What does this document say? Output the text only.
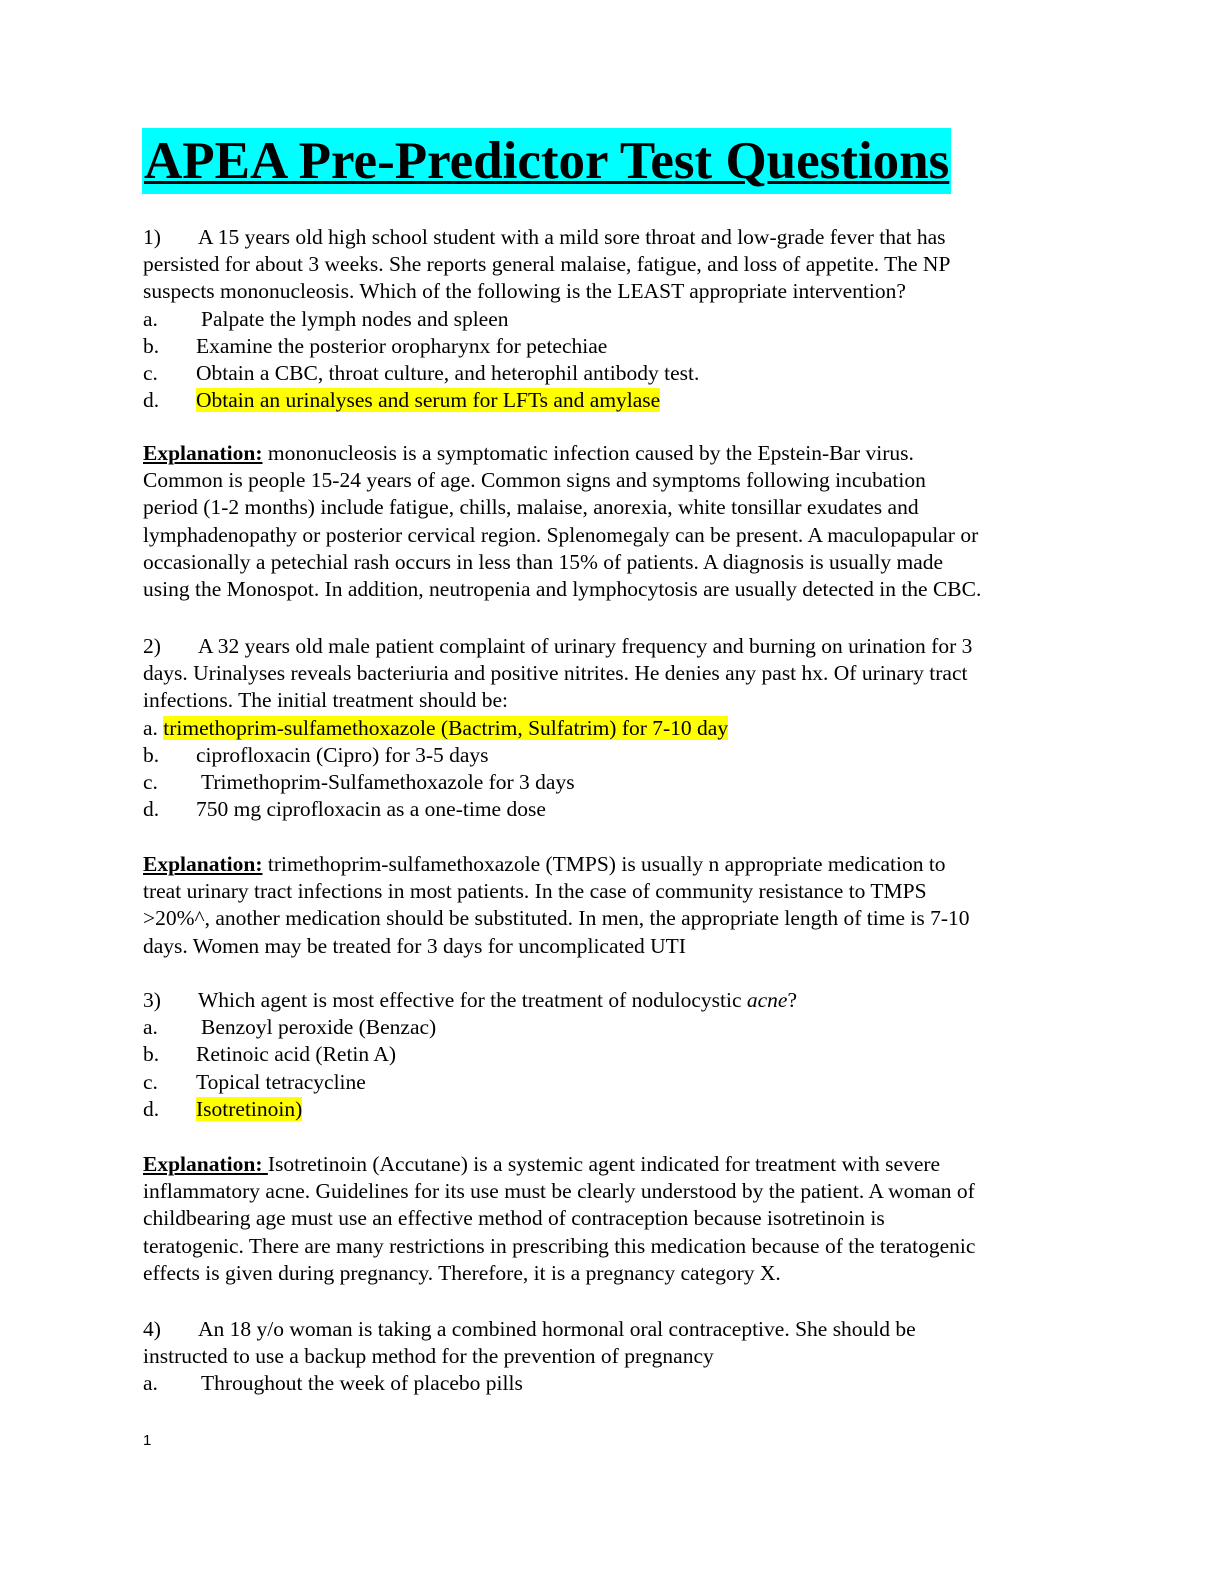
APEA Pre-Predictor Test Questions
1) A 15 years old high school student with a mild sore throat and low-grade fever that has
persisted for about 3 weeks. She reports general malaise, fatigue, and loss of appetite. The NP
suspects mononucleosis. Which of the following is the LEAST appropriate intervention?
a. Palpate the lymph nodes and spleen
b. Examine the posterior oropharynx for petechiae
c. Obtain a CBC, throat culture, and heterophil antibody test.
d. Obtain an urinalyses and serum for LFTs and amylase
Explanation: mononucleosis is a symptomatic infection caused by the Epstein-Bar virus.
Common is people 15-24 years of age. Common signs and symptoms following incubation
period (1-2 months) include fatigue, chills, malaise, anorexia, white tonsillar exudates and
lymphadenopathy or posterior cervical region. Splenomegaly can be present. A maculopapular or
occasionally a petechial rash occurs in less than 15% of patients. A diagnosis is usually made
using the Monospot. In addition, neutropenia and lymphocytosis are usually detected in the CBC.
2) A 32 years old male patient complaint of urinary frequency and burning on urination for 3
days. Urinalyses reveals bacteriuria and positive nitrites. He denies any past hx. Of urinary tract
infections. The initial treatment should be:
a. trimethoprim-sulfamethoxazole (Bactrim, Sulfatrim) for 7-10 day
b. ciprofloxacin (Cipro) for 3-5 days
c. Trimethoprim-Sulfamethoxazole for 3 days
d. 750 mg ciprofloxacin as a one-time dose
Explanation: trimethoprim-sulfamethoxazole (TMPS) is usually n appropriate medication to
treat urinary tract infections in most patients. In the case of community resistance to TMPS
>20%^, another medication should be substituted. In men, the appropriate length of time is 7-10
days. Women may be treated for 3 days for uncomplicated UTI
3) Which agent is most effective for the treatment of nodulocystic acne?
a. Benzoyl peroxide (Benzac)
b. Retinoic acid (Retin A)
c. Topical tetracycline
d. Isotretinoin)
Explanation: Isotretinoin (Accutane) is a systemic agent indicated for treatment with severe
inflammatory acne. Guidelines for its use must be clearly understood by the patient. A woman of
childbearing age must use an effective method of contraception because isotretinoin is
teratogenic. There are many restrictions in prescribing this medication because of the teratogenic
effects is given during pregnancy. Therefore, it is a pregnancy category X.
4) An 18 y/o woman is taking a combined hormonal oral contraceptive. She should be
instructed to use a backup method for the prevention of pregnancy
a. Throughout the week of placebo pills
1
